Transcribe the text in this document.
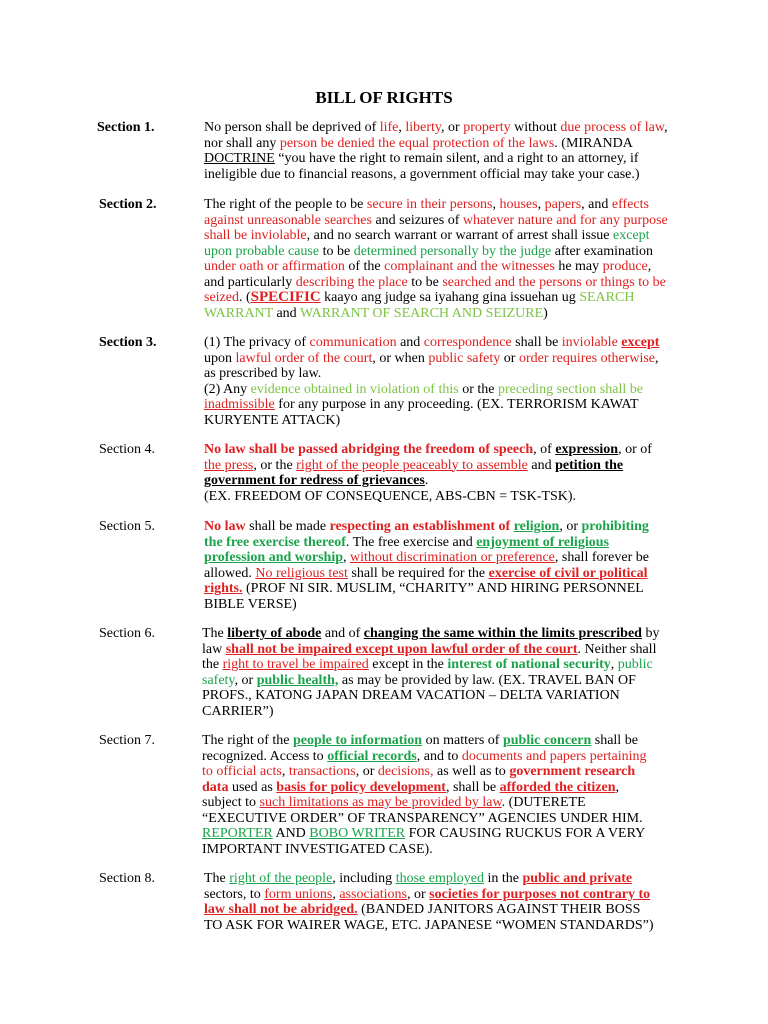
BILL OF RIGHTS
Section 1.	No person shall be deprived of life, liberty, or property without due process of law,
nor shall any person be denied the equal protection of the laws. (MIRANDA
DOCTRINE “you have the right to remain silent, and a right to an attorney, if
ineligible due to financial reasons, a government official may take your case.)
Section 2.	The right of the people to be secure in their persons, houses, papers, and effects
against unreasonable searches and seizures of whatever nature and for any purpose
shall be inviolable, and no search warrant or warrant of arrest shall issue except
upon probable cause to be determined personally by the judge after examination
under oath or affirmation of the complainant and the witnesses he may produce,
and particularly describing the place to be searched and the persons or things to be
seized. (SPECIFIC kaayo ang judge sa iyahang gina issuehan ug SEARCH
WARRANT and WARRANT OF SEARCH AND SEIZURE)
Section 3.	(1) The privacy of communication and correspondence shall be inviolable except
upon lawful order of the court, or when public safety or order requires otherwise,
as prescribed by law.
(2) Any evidence obtained in violation of this or the preceding section shall be
inadmissible for any purpose in any proceeding. (EX. TERRORISM KAWAT
KURYENTE ATTACK)
Section 4.	No law shall be passed abridging the freedom of speech, of expression, or of
the press, or the right of the people peaceably to assemble and petition the
government for redress of grievances.
(EX. FREEDOM OF CONSEQUENCE, ABS-CBN = TSK-TSK).
Section 5.	No law shall be made respecting an establishment of religion, or prohibiting
the free exercise thereof. The free exercise and enjoyment of religious
profession and worship, without discrimination or preference, shall forever be
allowed. No religious test shall be required for the exercise of civil or political
rights. (PROF NI SIR. MUSLIM, “CHARITY” AND HIRING PERSONNEL
BIBLE VERSE)
Section 6.	The liberty of abode and of changing the same within the limits prescribed by
law shall not be impaired except upon lawful order of the court. Neither shall
the right to travel be impaired except in the interest of national security, public
safety, or public health, as may be provided by law. (EX. TRAVEL BAN OF
PROFS., KATONG JAPAN DREAM VACATION – DELTA VARIATION
CARRIER”)
Section 7.	The right of the people to information on matters of public concern shall be
recognized. Access to official records, and to documents and papers pertaining
to official acts, transactions, or decisions, as well as to government research
data used as basis for policy development, shall be afforded the citizen,
subject to such limitations as may be provided by law. (DUTERETE
“EXECUTIVE ORDER” OF TRANSPARENCY” AGENCIES UNDER HIM.
REPORTER AND BOBO WRITER FOR CAUSING RUCKUS FOR A VERY
IMPORTANT INVESTIGATED CASE).
Section 8.	The right of the people, including those employed in the public and private
sectors, to form unions, associations, or societies for purposes not contrary to
law shall not be abridged. (BANDED JANITORS AGAINST THEIR BOSS
TO ASK FOR WAIRER WAGE, ETC. JAPANESE “WOMEN STANDARDS”)
